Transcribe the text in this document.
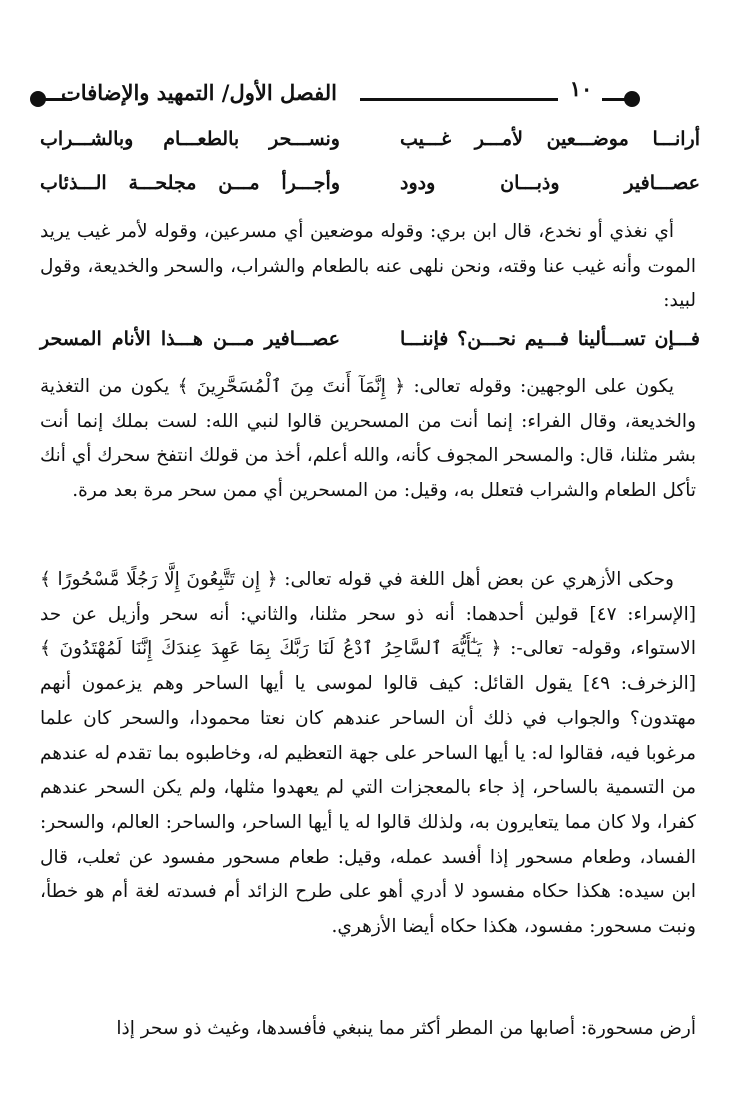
الفصل الأول/ التمهيد والإضافات	١٠
أرانـــا موضـــعين لأمـــر غـــيب
ونســـحر بالطعـــام وبالشـــراب
عصـــافير وذبـــان ودود
وأجـــرأ مـــن مجلحـــة الـــذئاب
أي نغذي أو نخدع، قال ابن بري: وقوله موضعين أي مسرعين، وقوله لأمر غيب يريد الموت وأنه غيب عنا وقته، ونحن نلهى عنه بالطعام والشراب، والسحر والخديعة، وقول لبيد:
فـــإن تســـألينا فـــيم نحـــن؟ فإننـــا
عصـــافير مـــن هـــذا الأنام المسحر
يكون على الوجهين: وقوله تعالى: ﴿ إِنَّمَآ أَنتَ مِنَ ٱلْمُسَحَّرِينَ ﴾ يكون من التغذية والخديعة، وقال الفراء: إنما أنت من المسحرين قالوا لنبي الله: لست بملك إنما أنت بشر مثلنا، قال: والمسحر المجوف كأنه، والله أعلم، أخذ من قولك انتفخ سحرك أي أنك تأكل الطعام والشراب فتعلل به، وقيل: من المسحرين أي ممن سحر مرة بعد مرة.
وحكى الأزهري عن بعض أهل اللغة في قوله تعالى: ﴿ إِن تَتَّبِعُونَ إِلَّا رَجُلًا مَّسْحُورًا ﴾ [الإسراء: ٤٧] قولين أحدهما: أنه ذو سحر مثلنا، والثاني: أنه سحر وأزيل عن حد الاستواء، وقوله- تعالى-: ﴿ يَـٰٓأَيُّهَ ٱلسَّاحِرُ ٱدْعُ لَنَا رَبَّكَ بِمَا عَهِدَ عِندَكَ إِنَّنَا لَمُهْتَدُونَ ﴾ [الزخرف: ٤٩] يقول القائل: كيف قالوا لموسى يا أيها الساحر وهم يزعمون أنهم مهتدون؟ والجواب في ذلك أن الساحر عندهم كان نعتا محمودا، والسحر كان علما مرغوبا فيه، فقالوا له: يا أيها الساحر على جهة التعظيم له، وخاطبوه بما تقدم له عندهم من التسمية بالساحر، إذ جاء بالمعجزات التي لم يعهدوا مثلها، ولم يكن السحر عندهم كفرا، ولا كان مما يتعايرون به، ولذلك قالوا له يا أيها الساحر، والساحر: العالم، والسحر: الفساد، وطعام مسحور إذا أفسد عمله، وقيل: طعام مسحور مفسود عن ثعلب، قال ابن سيده: هكذا حكاه مفسود لا أدري أهو على طرح الزائد أم فسدته لغة أم هو خطأ، ونبت مسحور: مفسود، هكذا حكاه أيضا الأزهري.
أرض مسحورة: أصابها من المطر أكثر مما ينبغي فأفسدها، وغيث ذو سحر إذا
